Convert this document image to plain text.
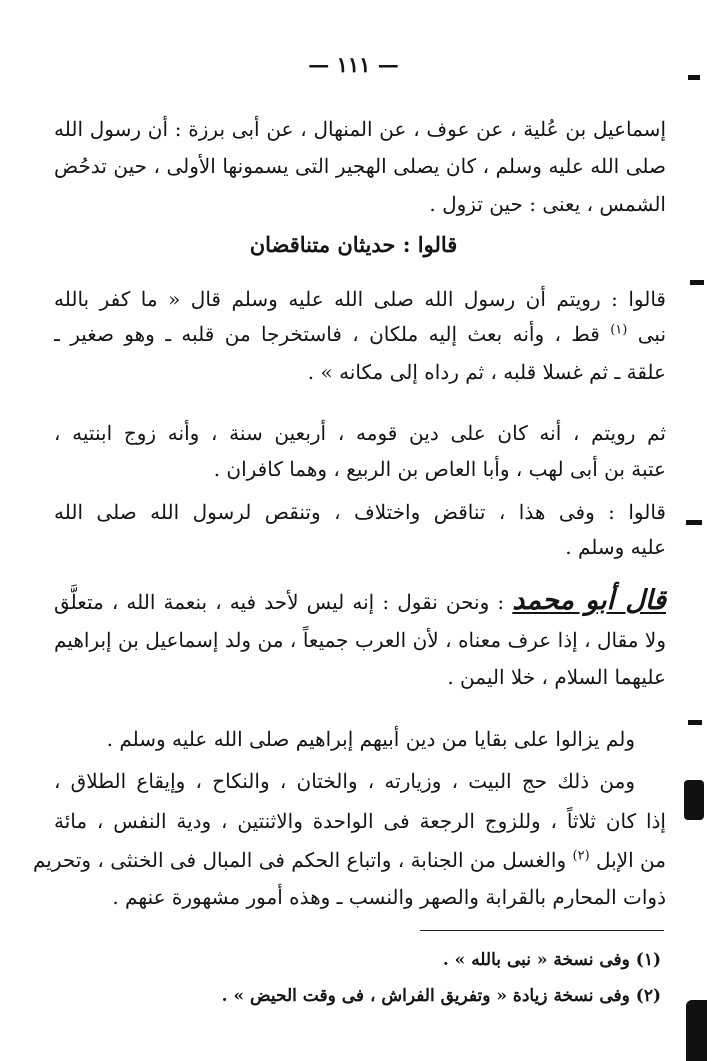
— ١١١ —
إسماعيل بن عُلية ، عن عوف ، عن المنهال ، عن أبى برزة : أن رسول الله
صلى الله عليه وسلم ، كان يصلى الهجير التى يسمونها الأولى ، حين تدحُض
الشمس ، يعنى : حين تزول .
قالوا : حديثان متناقضان
قالوا : رويتم أن رسول الله صلى الله عليه وسلم قال « ما كفر بالله
نبى $^{(١)}$ قط ، وأنه بعث إليه ملكان ، فاستخرجا من قلبه ـ وهو صغير ـ
علقة ـ ثم غسلا قلبه ، ثم رداه إلى مكانه » .
ثم رويتم ، أنه كان على دين قومه ، أربعين سنة ، وأنه زوج ابنتيه ،
عتبة بن أبى لهب ، وأبا العاص بن الربيع ، وهما كافران .
قالوا : وفى هذا ، تناقض واختلاف ، وتنقص لرسول الله صلى الله
عليه وسلم .
قال أبو محمد : ونحن نقول : إنه ليس لأحد فيه ، بنعمة الله ، متعلَّق
ولا مقال ، إذا عرف معناه ، لأن العرب جميعاً ، من ولد إسماعيل بن إبراهيم
عليهما السلام ، خلا اليمن .
ولم يزالوا على بقايا من دين أبيهم إبراهيم صلى الله عليه وسلم .
ومن ذلك حج البيت ، وزيارته ، والختان ، والنكاح ، وإيقاع الطلاق ،
إذا كان ثلاثاً ، وللزوج الرجعة فى الواحدة والاثنتين ، ودية النفس ، مائة
من الإبل $^{(٢)}$ والغسل من الجنابة ، واتباع الحكم فى المبال فى الخنثى ، وتحريم
ذوات المحارم بالقرابة والصهر والنسب ـ وهذه أمور مشهورة عنهم .
(١) وفى نسخة « نبى بالله » .
(٢) وفى نسخة زيادة « وتفريق الفراش ، فى وقت الحيض » .
